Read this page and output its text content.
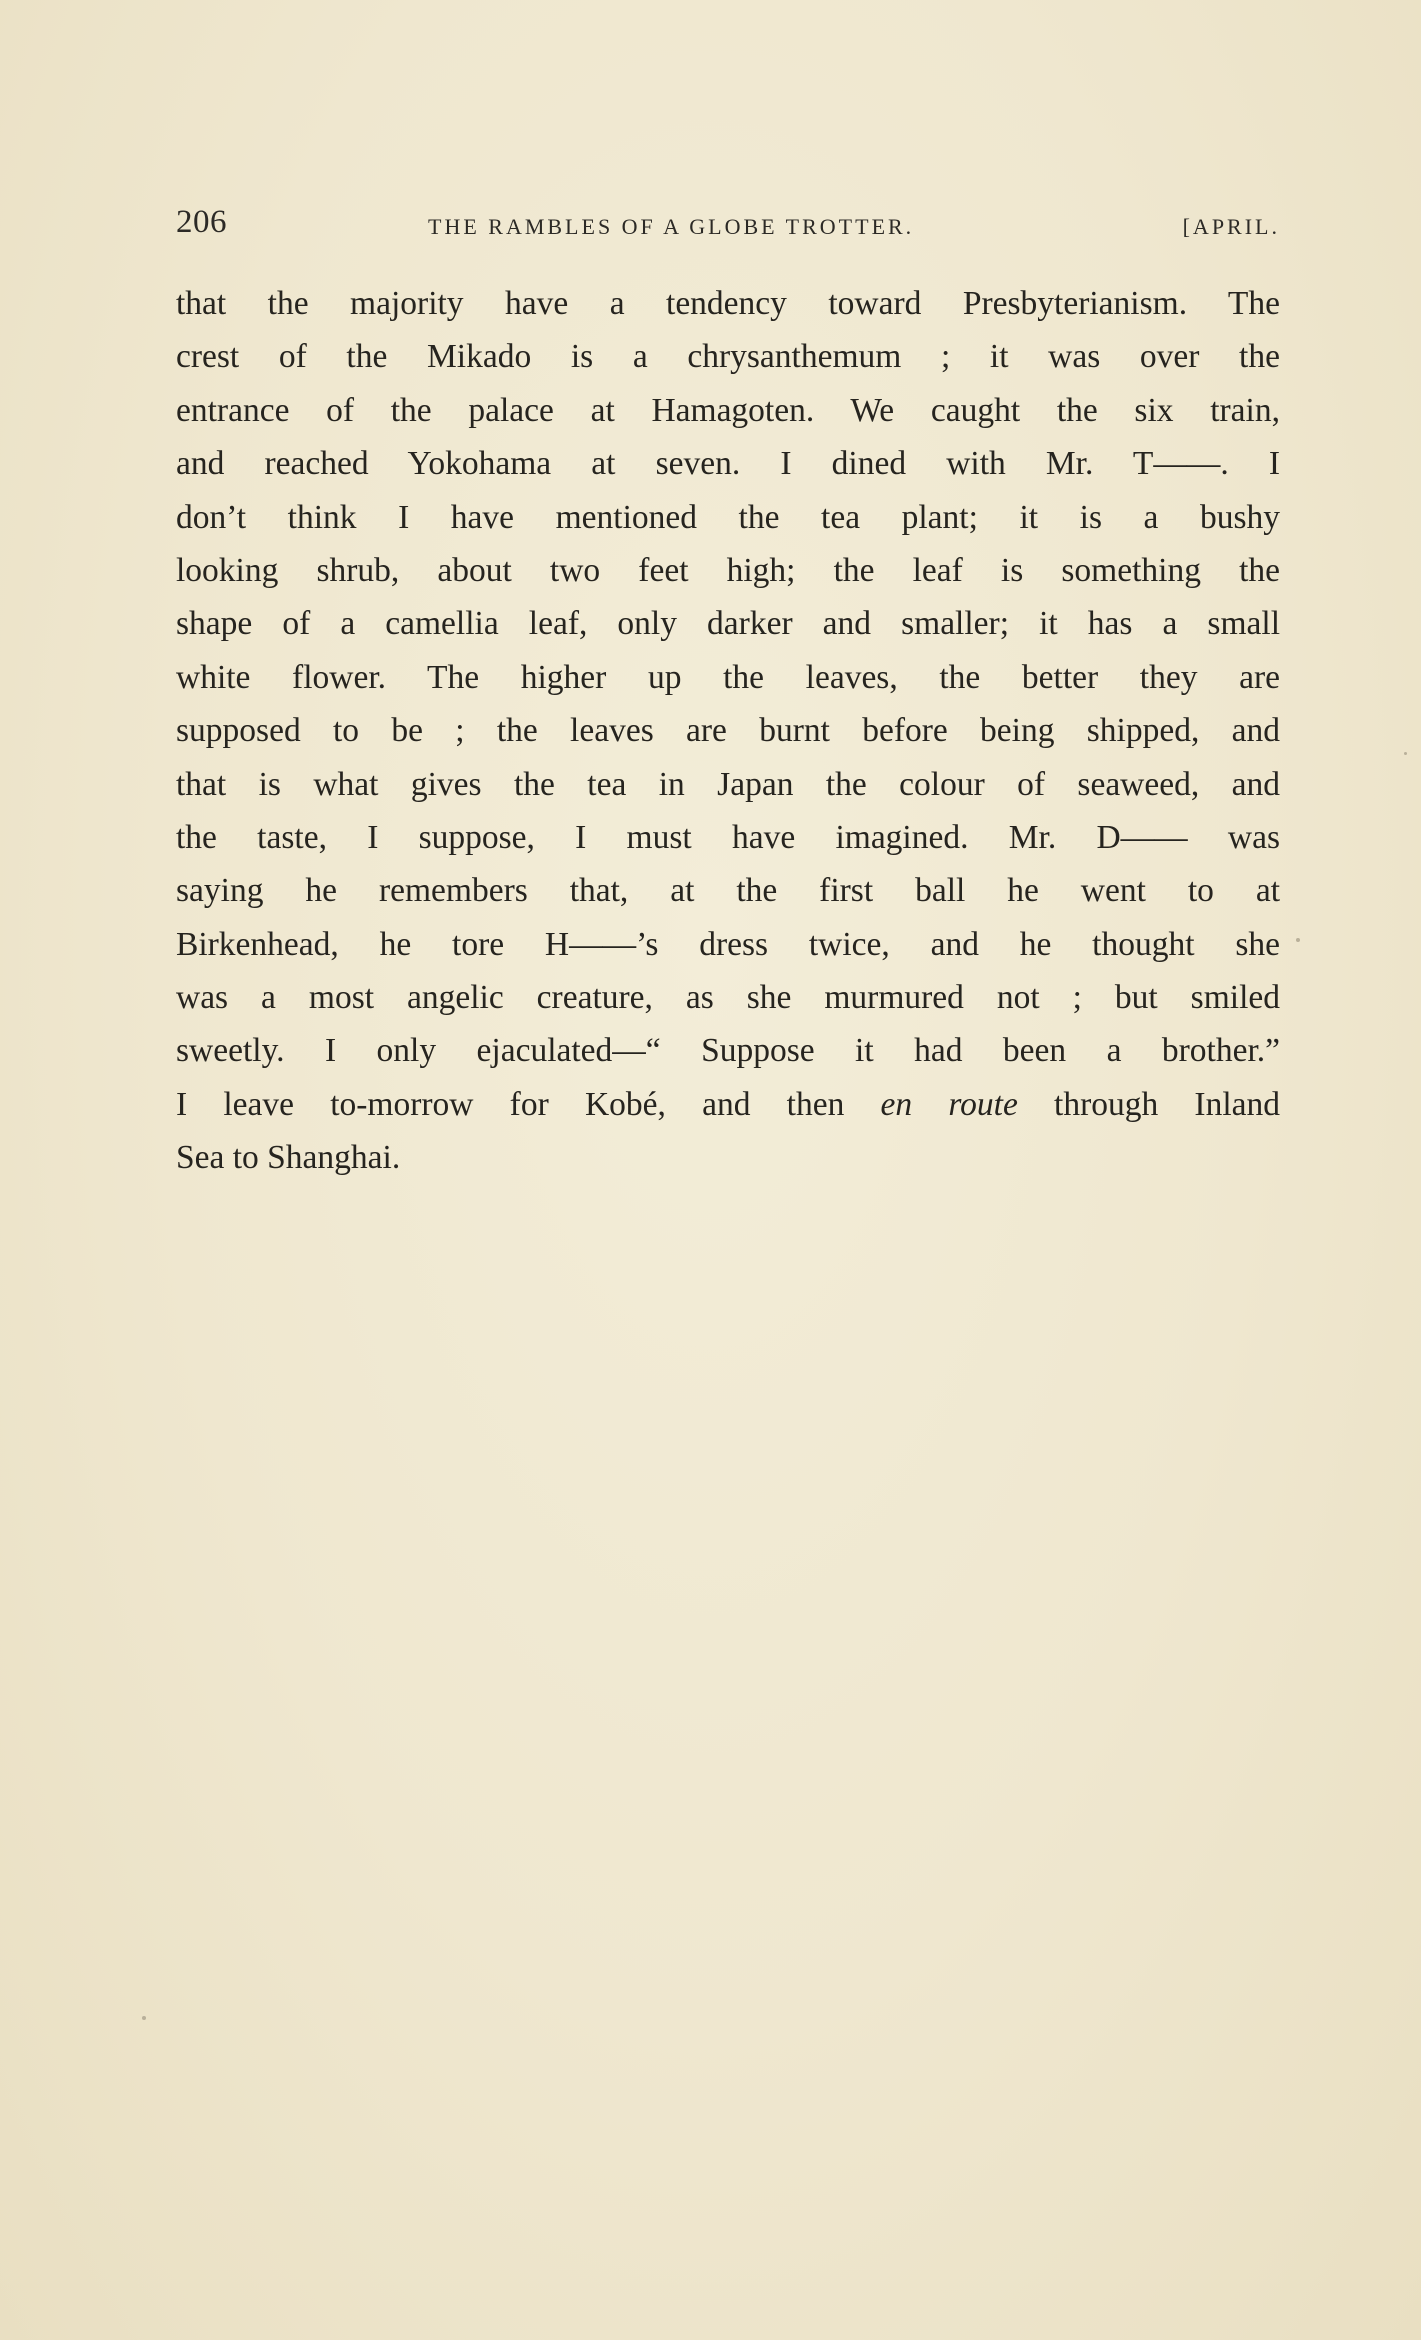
206	THE RAMBLES OF A GLOBE TROTTER.	[APRIL.
that the majority have a tendency toward Presbyterianism. The
crest of the Mikado is a chrysanthemum ; it was over the
entrance of the palace at Hamagoten. We caught the six train,
and reached Yokohama at seven. I dined with Mr. T——. I
don’t think I have mentioned the tea plant; it is a bushy
looking shrub, about two feet high; the leaf is something the
shape of a camellia leaf, only darker and smaller; it has a small
white flower. The higher up the leaves, the better they are
supposed to be ; the leaves are burnt before being shipped, and
that is what gives the tea in Japan the colour of seaweed, and
the taste, I suppose, I must have imagined. Mr. D—— was
saying he remembers that, at the first ball he went to at
Birkenhead, he tore H——’s dress twice, and he thought she
was a most angelic creature, as she murmured not ; but smiled
sweetly. I only ejaculated—“ Suppose it had been a brother.”
I leave to-morrow for Kobé, and then en route through Inland
Sea to Shanghai.
